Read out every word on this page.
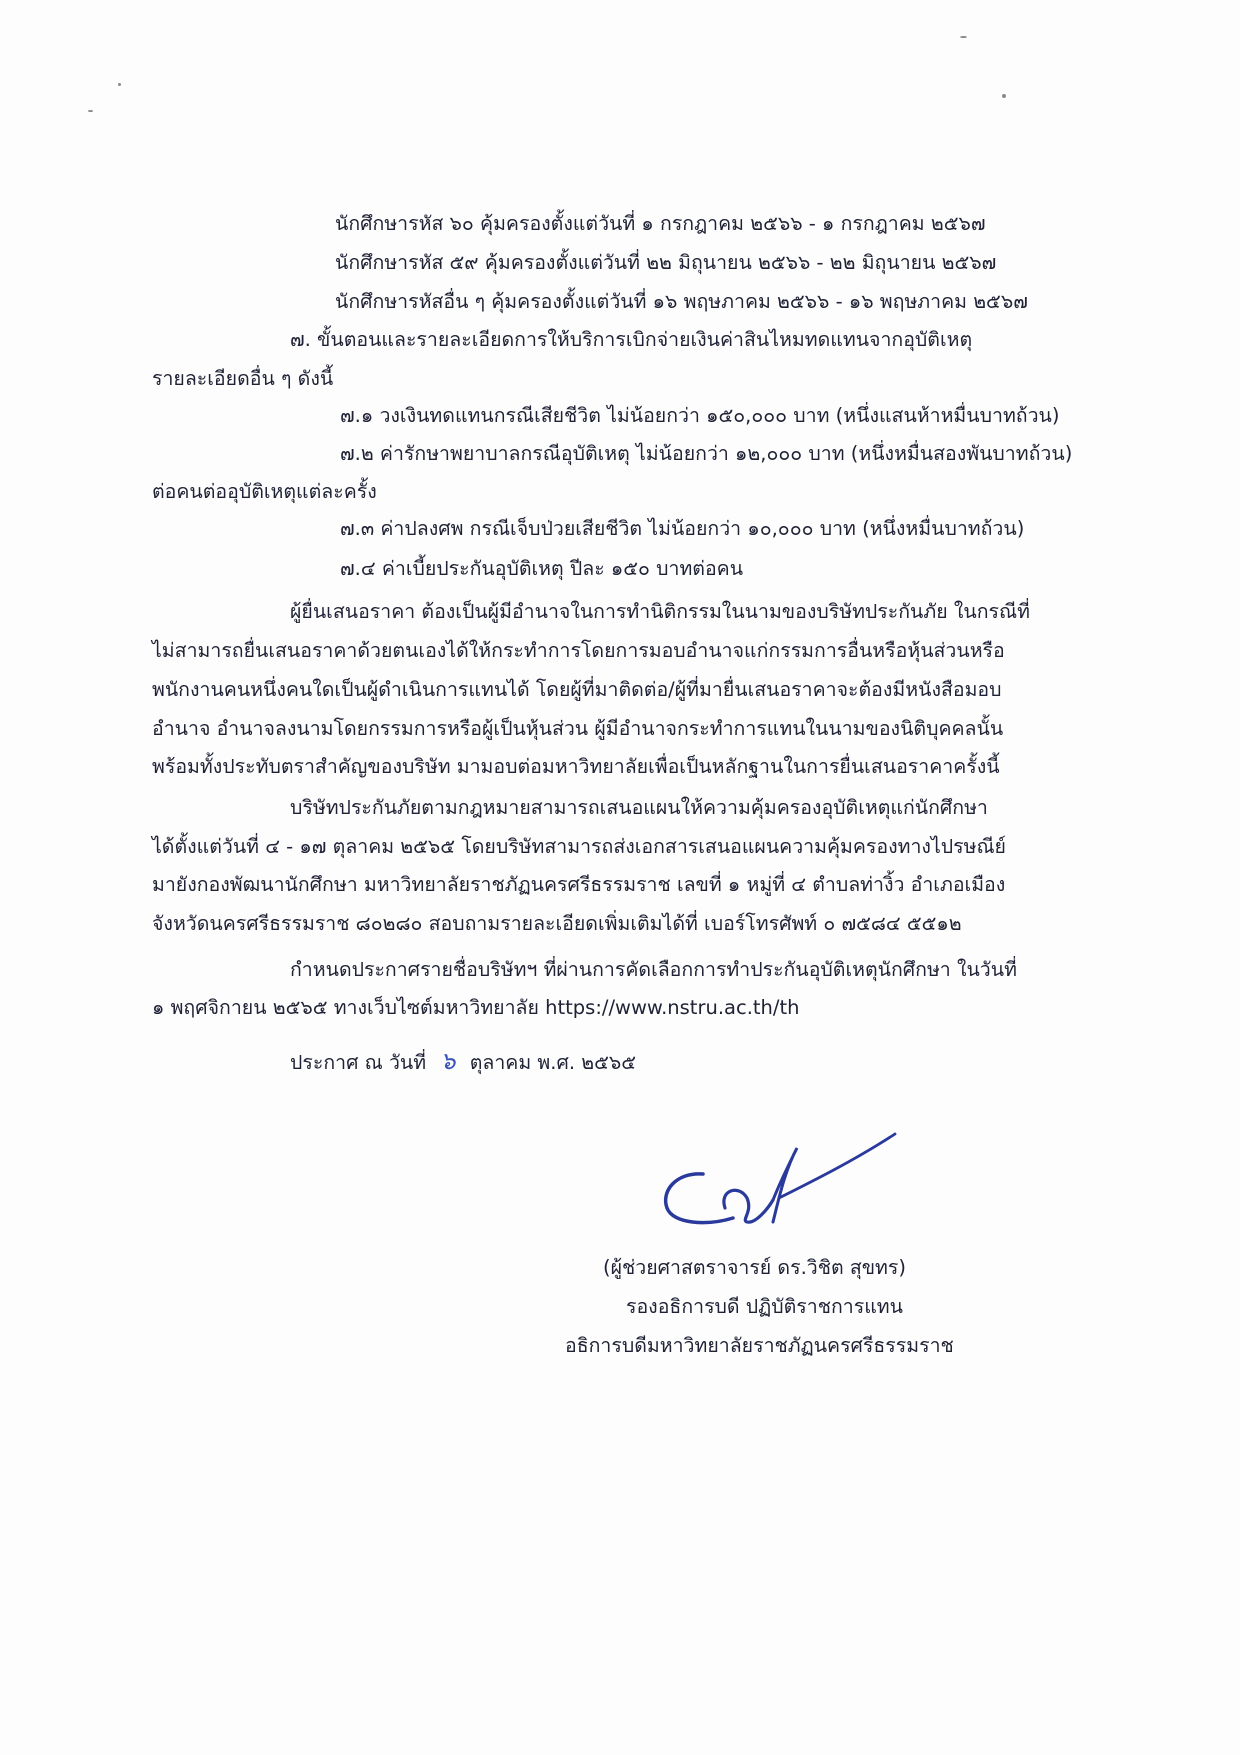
นักศึกษารหัส ๖๐ คุ้มครองตั้งแต่วันที่ ๑ กรกฎาคม ๒๕๖๖ - ๑ กรกฎาคม ๒๕๖๗
นักศึกษารหัส ๕๙ คุ้มครองตั้งแต่วันที่ ๒๒ มิถุนายน ๒๕๖๖ - ๒๒ มิถุนายน ๒๕๖๗
นักศึกษารหัสอื่น ๆ คุ้มครองตั้งแต่วันที่ ๑๖ พฤษภาคม ๒๕๖๖ - ๑๖ พฤษภาคม ๒๕๖๗
๗. ขั้นตอนและรายละเอียดการให้บริการเบิกจ่ายเงินค่าสินไหมทดแทนจากอุบัติเหตุ
รายละเอียดอื่น ๆ ดังนี้
๗.๑ วงเงินทดแทนกรณีเสียชีวิต ไม่น้อยกว่า ๑๕๐,๐๐๐ บาท (หนึ่งแสนห้าหมื่นบาทถ้วน)
๗.๒ ค่ารักษาพยาบาลกรณีอุบัติเหตุ ไม่น้อยกว่า ๑๒,๐๐๐ บาท (หนึ่งหมื่นสองพันบาทถ้วน)
ต่อคนต่ออุบัติเหตุแต่ละครั้ง
๗.๓ ค่าปลงศพ กรณีเจ็บป่วยเสียชีวิต ไม่น้อยกว่า ๑๐,๐๐๐ บาท (หนึ่งหมื่นบาทถ้วน)
๗.๔ ค่าเบี้ยประกันอุบัติเหตุ ปีละ ๑๕๐ บาทต่อคน
ผู้ยื่นเสนอราคา ต้องเป็นผู้มีอำนาจในการทำนิติกรรมในนามของบริษัทประกันภัย ในกรณีที่
ไม่สามารถยื่นเสนอราคาด้วยตนเองได้ให้กระทำการโดยการมอบอำนาจแก่กรรมการอื่นหรือหุ้นส่วนหรือ
พนักงานคนหนึ่งคนใดเป็นผู้ดำเนินการแทนได้ โดยผู้ที่มาติดต่อ/ผู้ที่มายื่นเสนอราคาจะต้องมีหนังสือมอบ
อำนาจ อำนาจลงนามโดยกรรมการหรือผู้เป็นหุ้นส่วน ผู้มีอำนาจกระทำการแทนในนามของนิติบุคคลนั้น
พร้อมทั้งประทับตราสำคัญของบริษัท มามอบต่อมหาวิทยาลัยเพื่อเป็นหลักฐานในการยื่นเสนอราคาครั้งนี้
บริษัทประกันภัยตามกฎหมายสามารถเสนอแผนให้ความคุ้มครองอุบัติเหตุแก่นักศึกษา
ได้ตั้งแต่วันที่ ๔ - ๑๗ ตุลาคม ๒๕๖๕ โดยบริษัทสามารถส่งเอกสารเสนอแผนความคุ้มครองทางไปรษณีย์
มายังกองพัฒนานักศึกษา มหาวิทยาลัยราชภัฏนครศรีธรรมราช เลขที่ ๑ หมู่ที่ ๔ ตำบลท่างิ้ว อำเภอเมือง
จังหวัดนครศรีธรรมราช ๘๐๒๘๐ สอบถามรายละเอียดเพิ่มเติมได้ที่ เบอร์โทรศัพท์ ๐ ๗๕๘๔ ๕๕๑๒
กำหนดประกาศรายชื่อบริษัทฯ ที่ผ่านการคัดเลือกการทำประกันอุบัติเหตุนักศึกษา ในวันที่
๑ พฤศจิกายน ๒๕๖๕ ทางเว็บไซต์มหาวิทยาลัย https://www.nstru.ac.th/th
ประกาศ ณ วันที่ ๖ ตุลาคม พ.ศ. ๒๕๖๕
(ผู้ช่วยศาสตราจารย์ ดร.วิชิต สุขทร)
รองอธิการบดี ปฏิบัติราชการแทน
อธิการบดีมหาวิทยาลัยราชภัฏนครศรีธรรมราช
